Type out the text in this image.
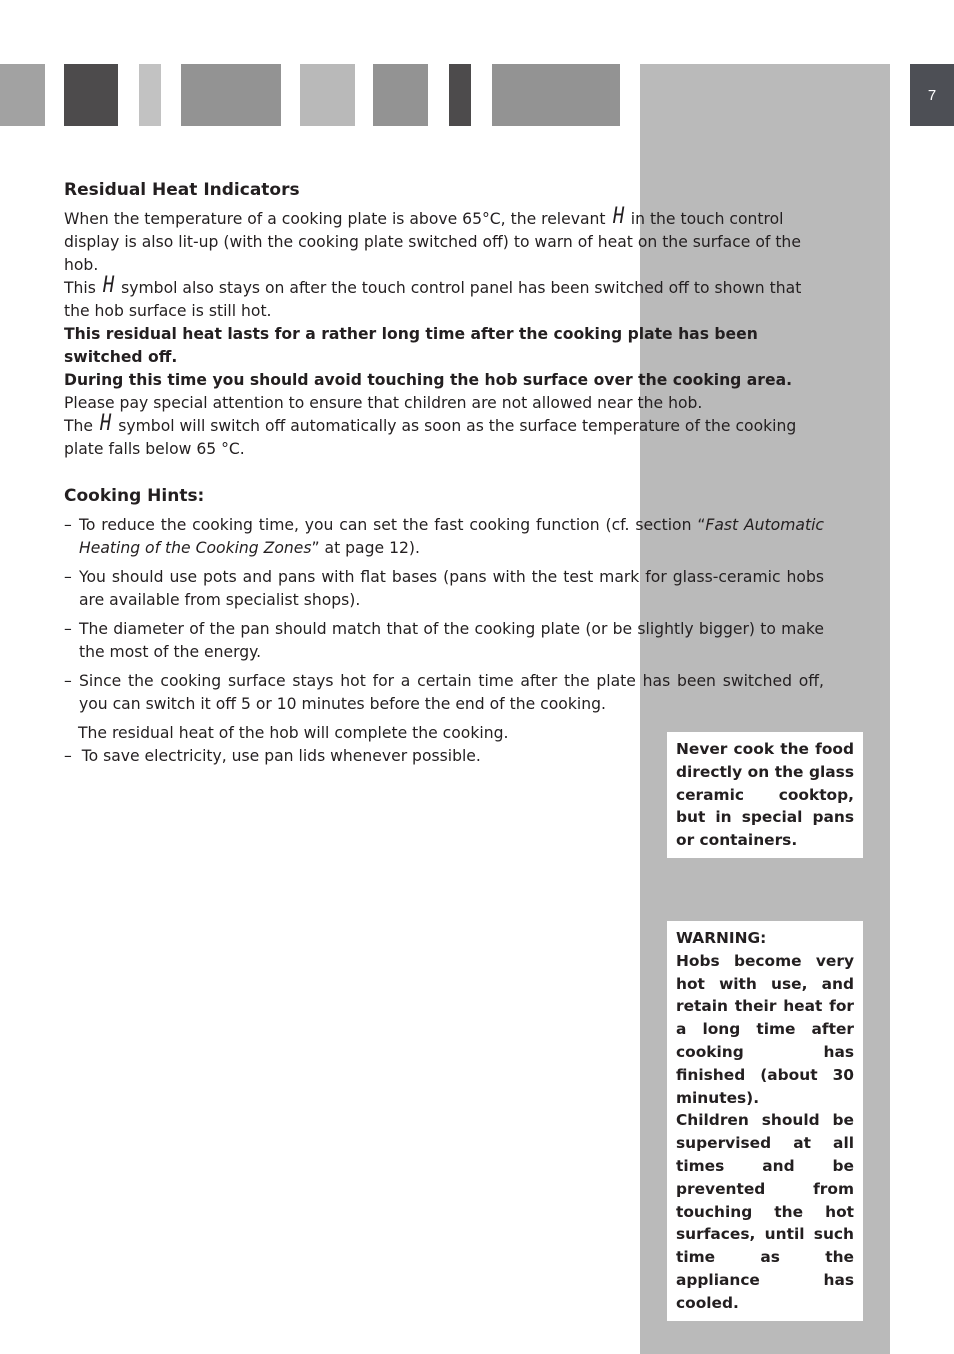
7
Residual Heat Indicators

When the temperature of a cooking plate is above 65°C, the relevant H in the touch control display is also lit-up (with the cooking plate switched off) to warn of heat on the surface of the hob.

This H symbol also stays on after the touch control panel has been switched off to shown that the hob surface is still hot.

This residual heat lasts for a rather long time after the cooking plate has been switched off.

During this time you should avoid touching the hob surface over the cooking area.

Please pay special attention to ensure that children are not allowed near the hob.

The H symbol will switch off automatically as soon as the surface temperature of the cooking plate falls below 65 °C.

Cooking Hints:
– To reduce the cooking time, you can set the fast cooking function (cf. section “Fast Automatic Heating of the Cooking Zones” at page 12).
– You should use pots and pans with flat bases (pans with the test mark for glass-ceramic hobs are available from specialist shops).
– The diameter of the pan should match that of the cooking plate (or be slightly bigger) to make the most of the energy.
– Since the cooking surface stays hot for a certain time after the plate has been switched off, you can switch it off 5 or 10 minutes before the end of the cooking.

The residual heat of the hob will complete the cooking.

– To save electricity, use pan lids whenever possible.	Never cook the food directly on the glass ceramic cooktop, but in special pans or containers.
WARNING:
Hobs become very hot with use, and retain their heat for a long time after cooking has finished (about 30 minutes).
Children should be supervised at all times and be prevented from touching the hot surfaces, until such time as the appliance has cooled.
